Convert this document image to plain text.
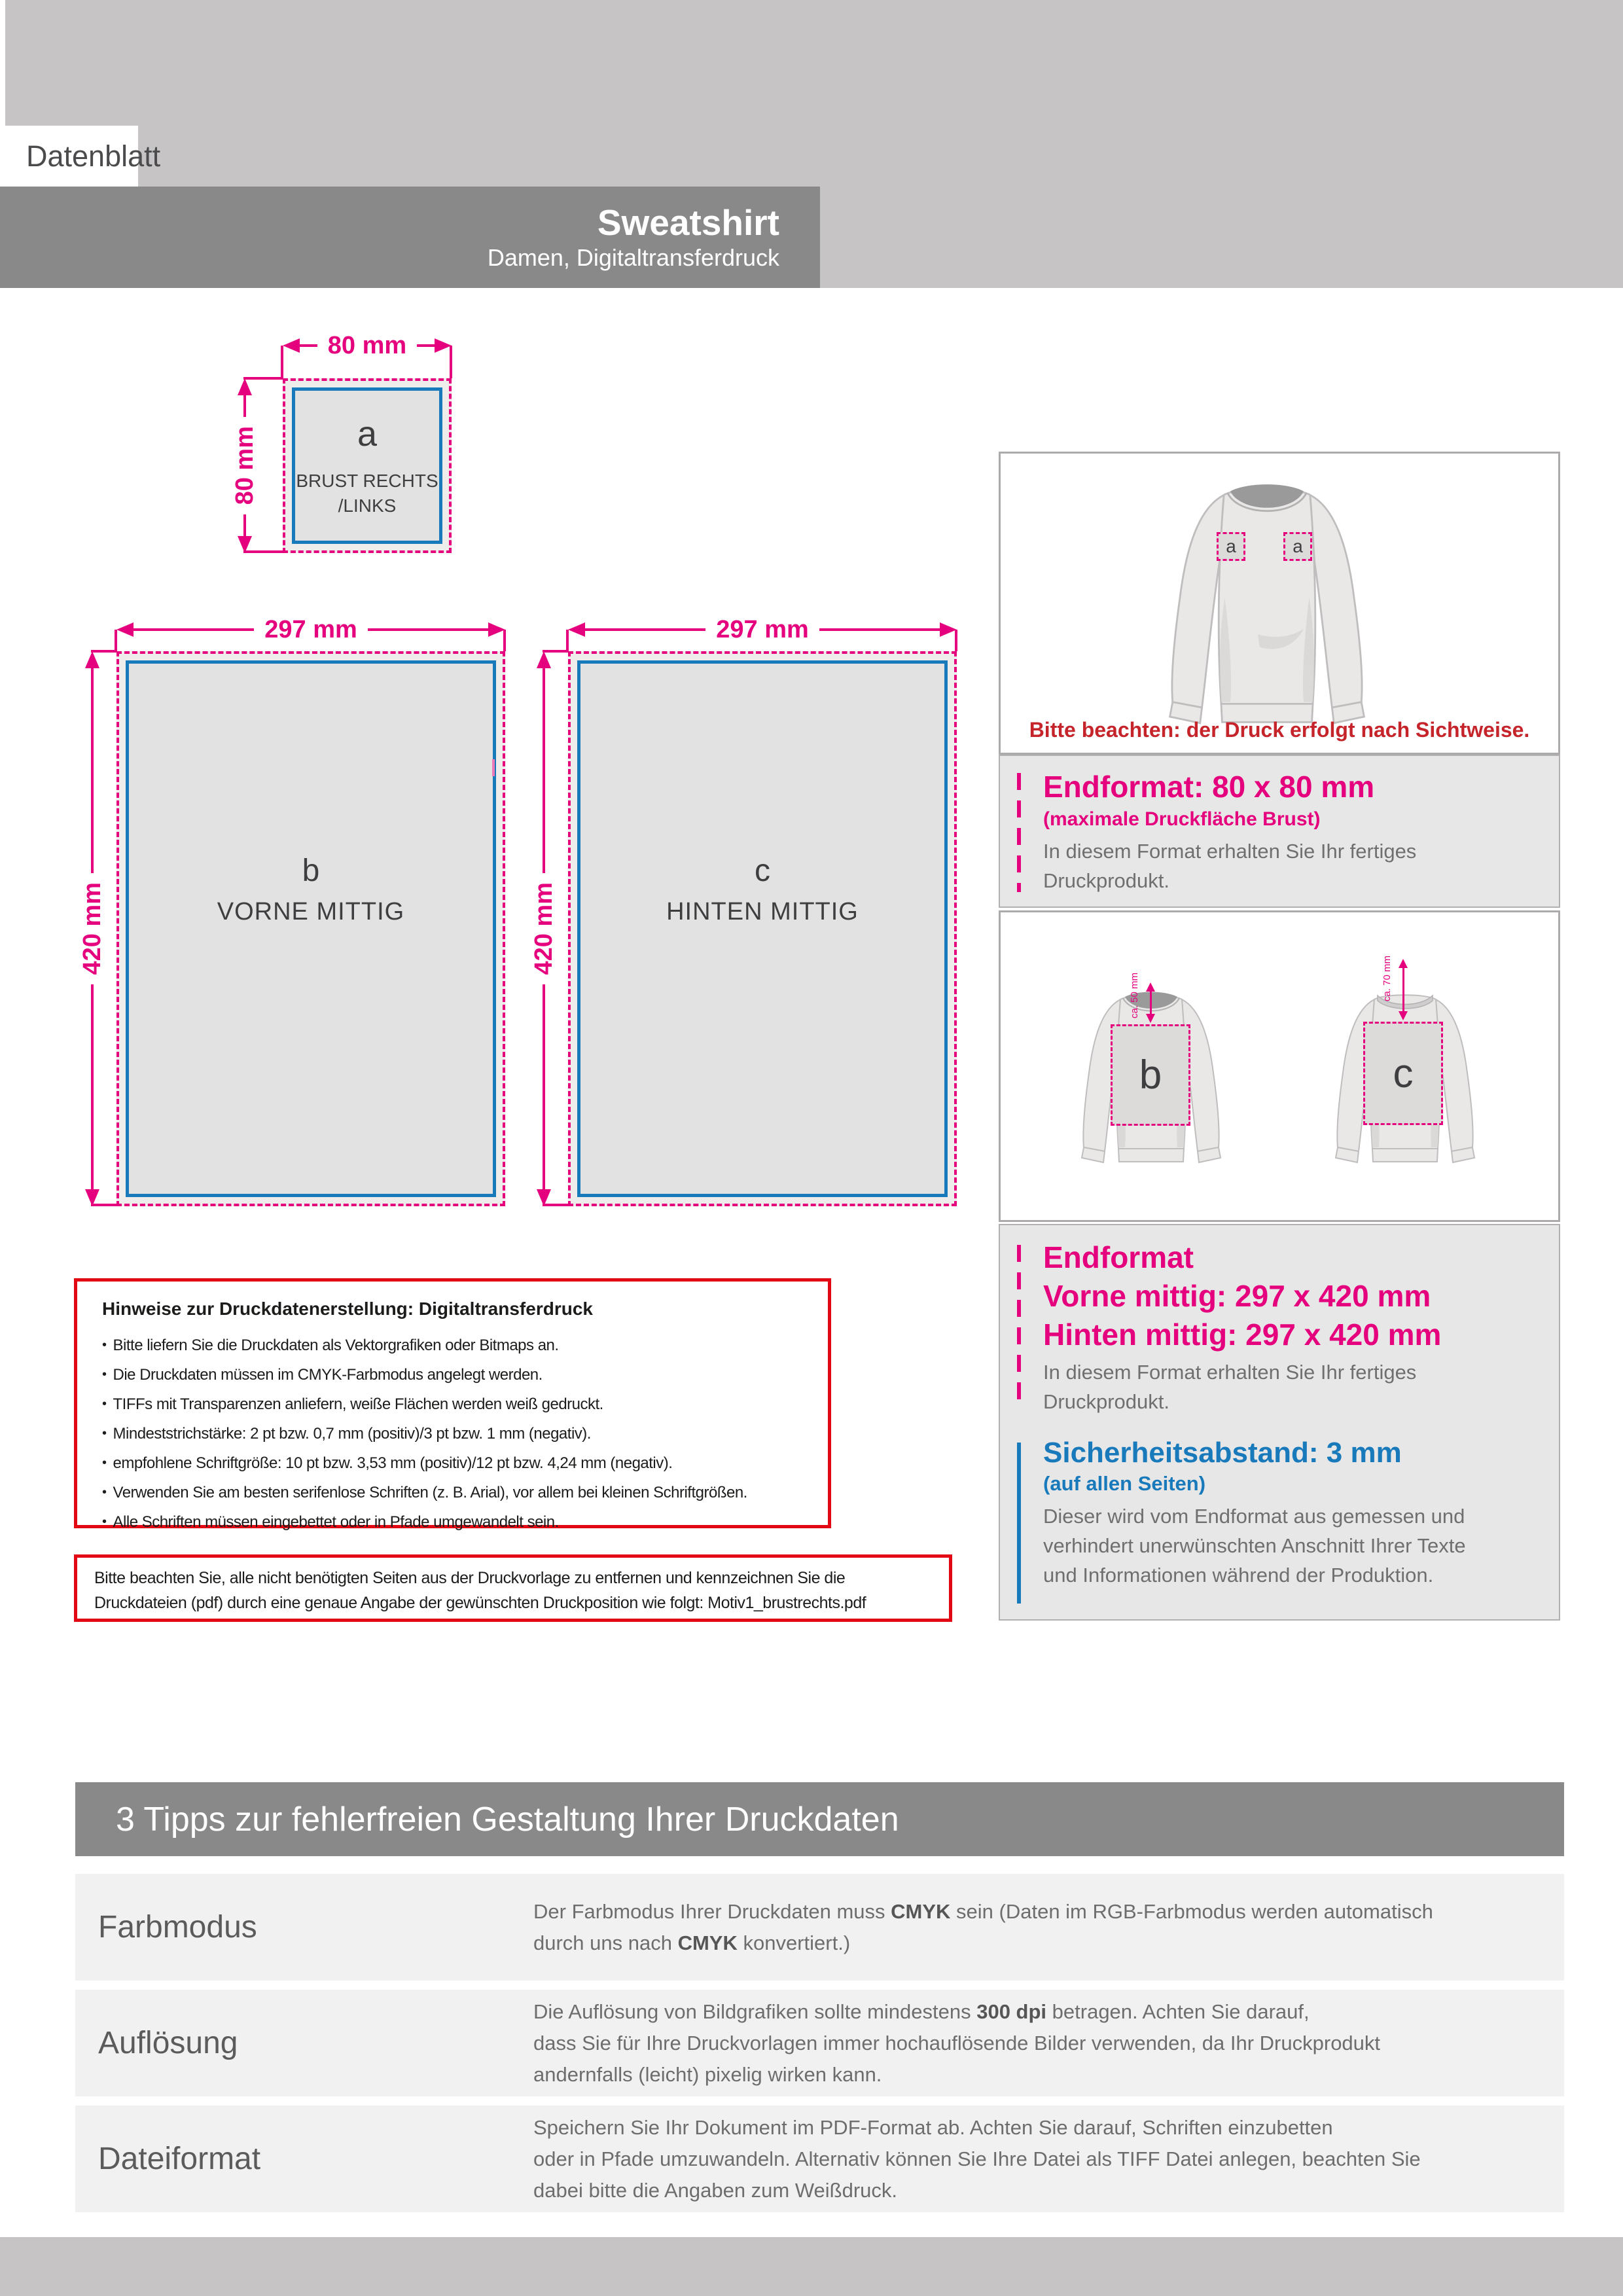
Datenblatt
Sweatshirt
Damen, Digitaltransferdruck
80 mm
80 mm	a
BRUST RECHTS
/LINKS
297 mm
420 mm
b
VORNE MITTIG
297 mm
420 mm
c
HINTEN MITTIG
a	a
Bitte beachten: der Druck erfolgt nach Sichtweise.
Endformat: 80 x 80 mm
(maximale Druckfläche Brust)
In diesem Format erhalten Sie Ihr fertiges
Druckprodukt.
b	c
ca. 50 mm	ca. 70 mm
Endformat
Vorne mittig: 297 x 420 mm
Hinten mittig: 297 x 420 mm
In diesem Format erhalten Sie Ihr fertiges
Druckprodukt.
Sicherheitsabstand: 3 mm
(auf allen Seiten)
Dieser wird vom Endformat aus gemessen und
verhindert unerwünschten Anschnitt Ihrer Texte
und Informationen während der Produktion.
Hinweise zur Druckdatenerstellung: Digitaltransferdruck
• Bitte liefern Sie die Druckdaten als Vektorgrafiken oder Bitmaps an.
• Die Druckdaten müssen im CMYK-Farbmodus angelegt werden.
• TIFFs mit Transparenzen anliefern, weiße Flächen werden weiß gedruckt.
• Mindeststrichstärke: 2 pt bzw. 0,7 mm (positiv)/3 pt bzw. 1 mm (negativ).
• empfohlene Schriftgröße: 10 pt bzw. 3,53 mm (positiv)/12 pt bzw. 4,24 mm (negativ).
• Verwenden Sie am besten serifenlose Schriften (z. B. Arial), vor allem bei kleinen Schriftgrößen.
• Alle Schriften müssen eingebettet oder in Pfade umgewandelt sein.
Bitte beachten Sie, alle nicht benötigten Seiten aus der Druckvorlage zu entfernen und kennzeichnen Sie die
Druckdateien (pdf) durch eine genaue Angabe der gewünschten Druckposition wie folgt: Motiv1_brustrechts.pdf
3 Tipps zur fehlerfreien Gestaltung Ihrer Druckdaten
Farbmodus	Der Farbmodus Ihrer Druckdaten muss CMYK sein (Daten im RGB-Farbmodus werden automatisch
durch uns nach CMYK konvertiert.)
Auflösung
Die Auflösung von Bildgrafiken sollte mindestens 300 dpi betragen. Achten Sie darauf,
dass Sie für Ihre Druckvorlagen immer hochauflösende Bilder verwenden, da Ihr Druckprodukt
andernfalls (leicht) pixelig wirken kann.
Dateiformat
Speichern Sie Ihr Dokument im PDF-Format ab. Achten Sie darauf, Schriften einzubetten
oder in Pfade umzuwandeln. Alternativ können Sie Ihre Datei als TIFF Datei anlegen, beachten Sie
dabei bitte die Angaben zum Weißdruck.
